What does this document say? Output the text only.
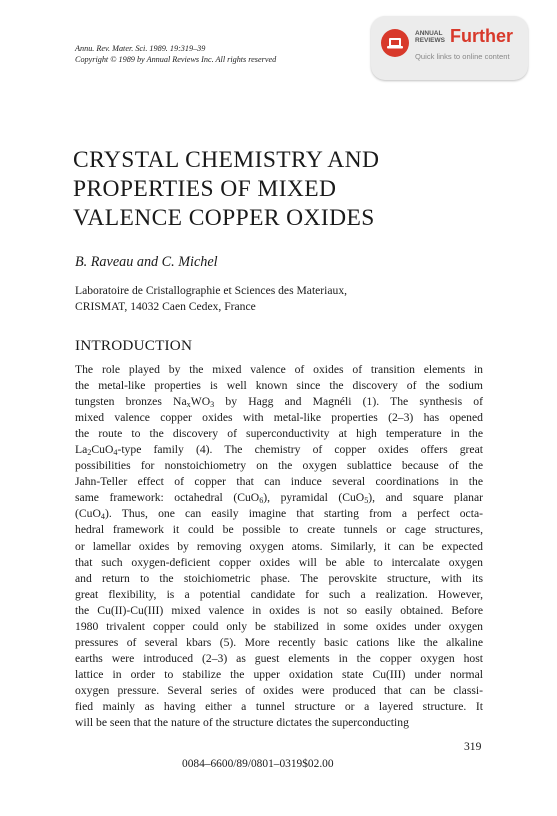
Annu. Rev. Mater. Sci. 1989. 19:319–39
Copyright © 1989 by Annual Reviews Inc. All rights reserved
ANNUAL
REVIEWS Further
Quick links to online content
CRYSTAL CHEMISTRY AND
PROPERTIES OF MIXED
VALENCE COPPER OXIDES
B. Raveau and C. Michel
Laboratoire de Cristallographie et Sciences des Materiaux,
CRISMAT, 14032 Caen Cedex, France
INTRODUCTION
The role played by the mixed valence of oxides of transition elements in
the metal-like properties is well known since the discovery of the sodium
tungsten bronzes $Na_xWO_3$ by Hagg and Magnéli (1). The synthesis of
mixed valence copper oxides with metal-like properties (2–3) has opened
the route to the discovery of superconductivity at high temperature in the
$La_2CuO_4$-type family (4). The chemistry of copper oxides offers great
possibilities for nonstoichiometry on the oxygen sublattice because of the
Jahn-Teller effect of copper that can induce several coordinations in the
same framework: octahedral (CuO$_6$), pyramidal (CuO$_5$), and square planar
(CuO$_4$). Thus, one can easily imagine that starting from a perfect octa-
hedral framework it could be possible to create tunnels or cage structures,
or lamellar oxides by removing oxygen atoms. Similarly, it can be expected
that such oxygen-deficient copper oxides will be able to intercalate oxygen
and return to the stoichiometric phase. The perovskite structure, with its
great flexibility, is a potential candidate for such a realization. However,
the Cu(II)-Cu(III) mixed valence in oxides is not so easily obtained. Before
1980 trivalent copper could only be stabilized in some oxides under oxygen
pressures of several kbars (5). More recently basic cations like the alkaline
earths were introduced (2–3) as guest elements in the copper oxygen host
lattice in order to stabilize the upper oxidation state Cu(III) under normal
oxygen pressure. Several series of oxides were produced that can be classi-
fied mainly as having either a tunnel structure or a layered structure. It
will be seen that the nature of the structure dictates the superconducting
319
0084–6600/89/0801–0319$02.00
